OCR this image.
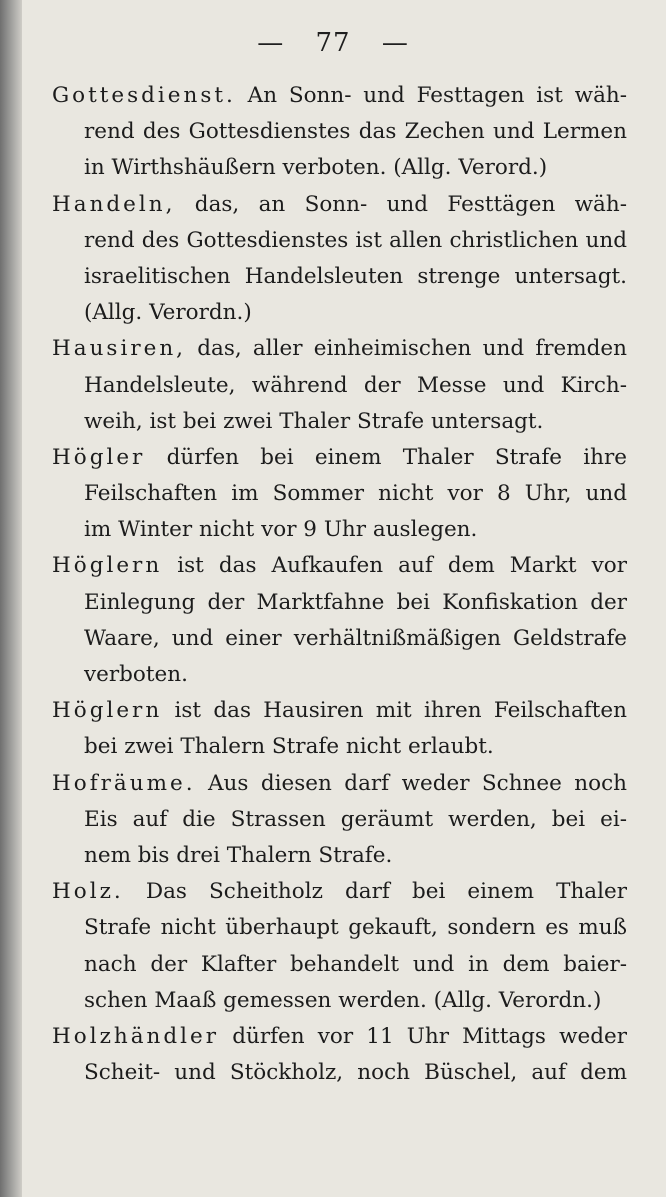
— 77 —
Gottesdienst. An Sonn- und Festtagen ist wäh-
rend des Gottesdienstes das Zechen und Lermen
in Wirthshäußern verboten. (Allg. Verord.)
Handeln, das, an Sonn- und Festtägen wäh-
rend des Gottesdienstes ist allen christlichen und
israelitischen Handelsleuten strenge untersagt.
(Allg. Verordn.)
Hausiren, das, aller einheimischen und fremden
Handelsleute, während der Messe und Kirch-
weih, ist bei zwei Thaler Strafe untersagt.
Högler dürfen bei einem Thaler Strafe ihre
Feilschaften im Sommer nicht vor 8 Uhr, und
im Winter nicht vor 9 Uhr auslegen.
Höglern ist das Aufkaufen auf dem Markt vor
Einlegung der Marktfahne bei Konfiskation der
Waare, und einer verhältnißmäßigen Geldstrafe
verboten.
Höglern ist das Hausiren mit ihren Feilschaften
bei zwei Thalern Strafe nicht erlaubt.
Hofräume. Aus diesen darf weder Schnee noch
Eis auf die Strassen geräumt werden, bei ei-
nem bis drei Thalern Strafe.
Holz. Das Scheitholz darf bei einem Thaler
Strafe nicht überhaupt gekauft, sondern es muß
nach der Klafter behandelt und in dem baier-
schen Maaß gemessen werden. (Allg. Verordn.)
Holzhändler dürfen vor 11 Uhr Mittags weder
Scheit- und Stöckholz, noch Büschel, auf dem
